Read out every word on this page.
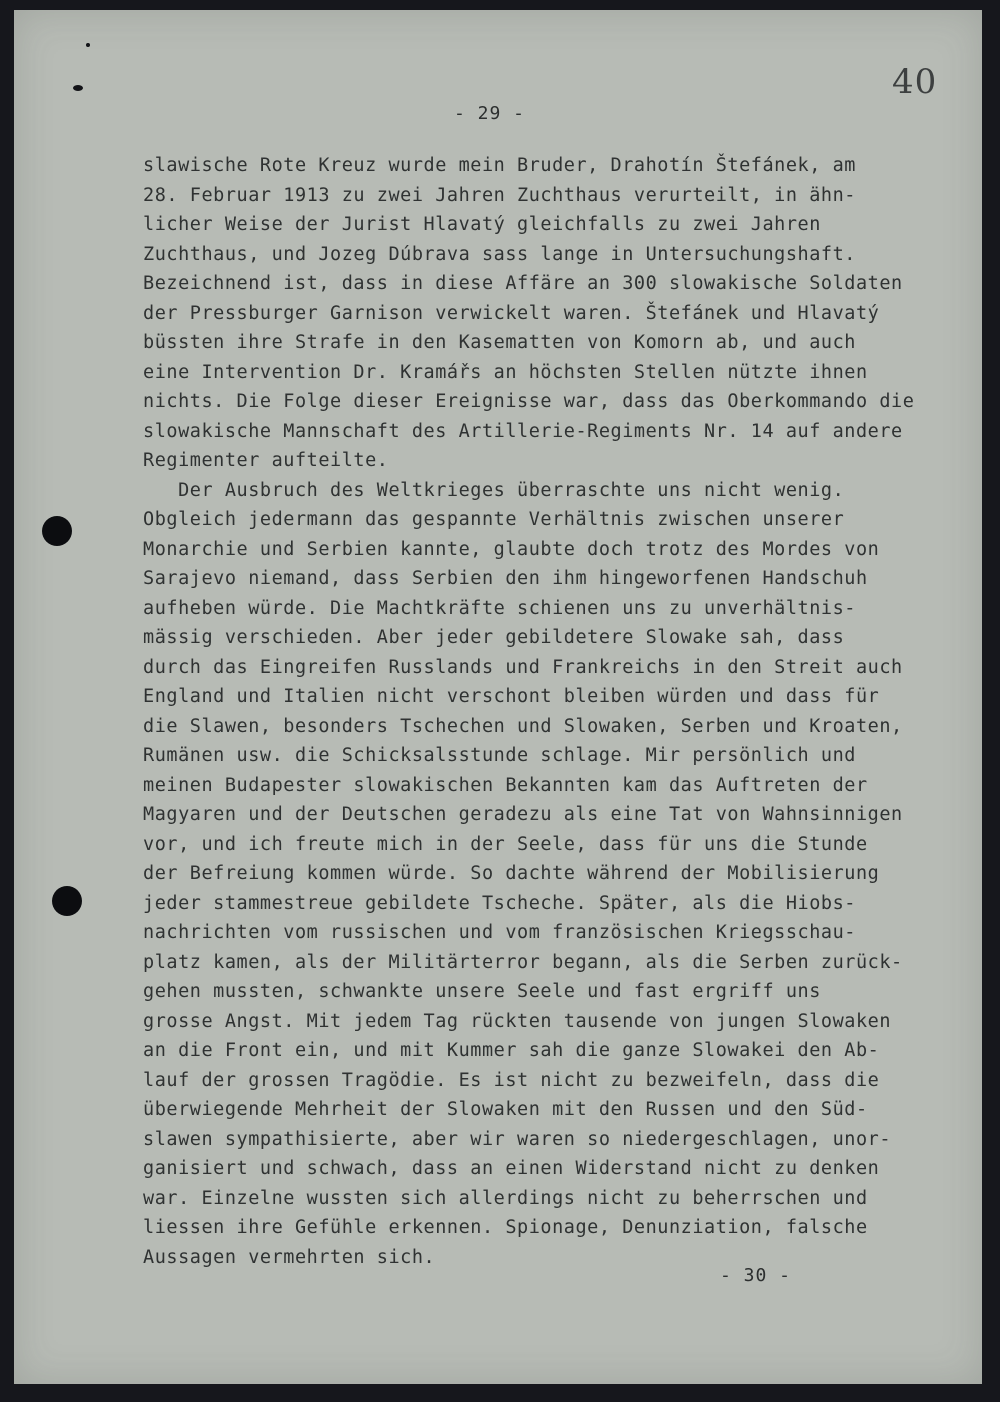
40
- 29 -
slawische Rote Kreuz wurde mein Bruder, Drahotín Štefánek, am
28. Februar 1913 zu zwei Jahren Zuchthaus verurteilt, in ähn-
licher Weise der Jurist Hlavatý gleichfalls zu zwei Jahren
Zuchthaus, und Jozeg Dúbrava sass lange in Untersuchungshaft.
Bezeichnend ist, dass in diese Affäre an 300 slowakische Soldaten
der Pressburger Garnison verwickelt waren. Štefánek und Hlavatý
büssten ihre Strafe in den Kasematten von Komorn ab, und auch
eine Intervention Dr. Kramářs an höchsten Stellen nützte ihnen
nichts. Die Folge dieser Ereignisse war, dass das Oberkommando die
slowakische Mannschaft des Artillerie-Regiments Nr. 14 auf andere
Regimenter aufteilte.
Der Ausbruch des Weltkrieges überraschte uns nicht wenig.
Obgleich jedermann das gespannte Verhältnis zwischen unserer
Monarchie und Serbien kannte, glaubte doch trotz des Mordes von
Sarajevo niemand, dass Serbien den ihm hingeworfenen Handschuh
aufheben würde. Die Machtkräfte schienen uns zu unverhältnis-
mässig verschieden. Aber jeder gebildetere Slowake sah, dass
durch das Eingreifen Russlands und Frankreichs in den Streit auch
England und Italien nicht verschont bleiben würden und dass für
die Slawen, besonders Tschechen und Slowaken, Serben und Kroaten,
Rumänen usw. die Schicksalsstunde schlage. Mir persönlich und
meinen Budapester slowakischen Bekannten kam das Auftreten der
Magyaren und der Deutschen geradezu als eine Tat von Wahnsinnigen
vor, und ich freute mich in der Seele, dass für uns die Stunde
der Befreiung kommen würde. So dachte während der Mobilisierung
jeder stammestreue gebildete Tscheche. Später, als die Hiobs-
nachrichten vom russischen und vom französischen Kriegsschau-
platz kamen, als der Militärterror begann, als die Serben zurück-
gehen mussten, schwankte unsere Seele und fast ergriff uns
grosse Angst. Mit jedem Tag rückten tausende von jungen Slowaken
an die Front ein, und mit Kummer sah die ganze Slowakei den Ab-
lauf der grossen Tragödie. Es ist nicht zu bezweifeln, dass die
überwiegende Mehrheit der Slowaken mit den Russen und den Süd-
slawen sympathisierte, aber wir waren so niedergeschlagen, unor-
ganisiert und schwach, dass an einen Widerstand nicht zu denken
war. Einzelne wussten sich allerdings nicht zu beherrschen und
liessen ihre Gefühle erkennen. Spionage, Denunziation, falsche
Aussagen vermehrten sich.
- 30 -
